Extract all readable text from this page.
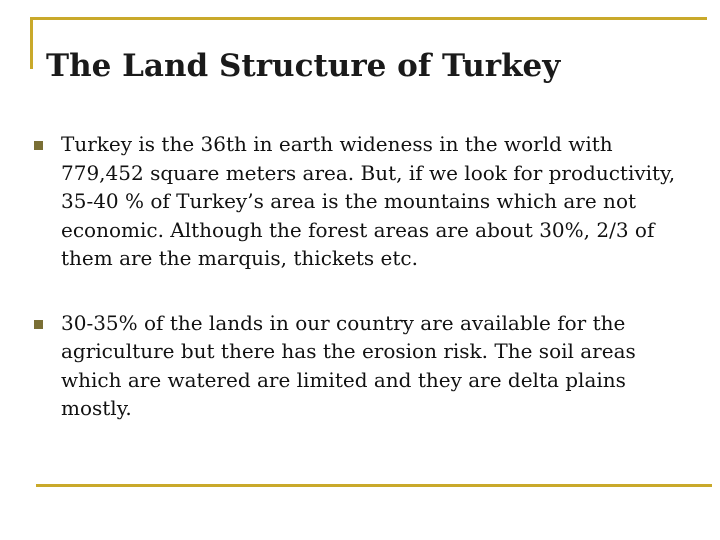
The Land Structure of Turkey
Turkey is the 36th in earth wideness in the world with 779,452 square meters area. But, if we look for productivity, 35-40 % of Turkey’s area is the mountains which are not economic. Although the forest areas are about 30%, 2/3 of them are the marquis, thickets etc.
30-35% of the lands in our country are available for the agriculture but there has the erosion risk. The soil areas which are watered are limited and they are delta plains mostly.
